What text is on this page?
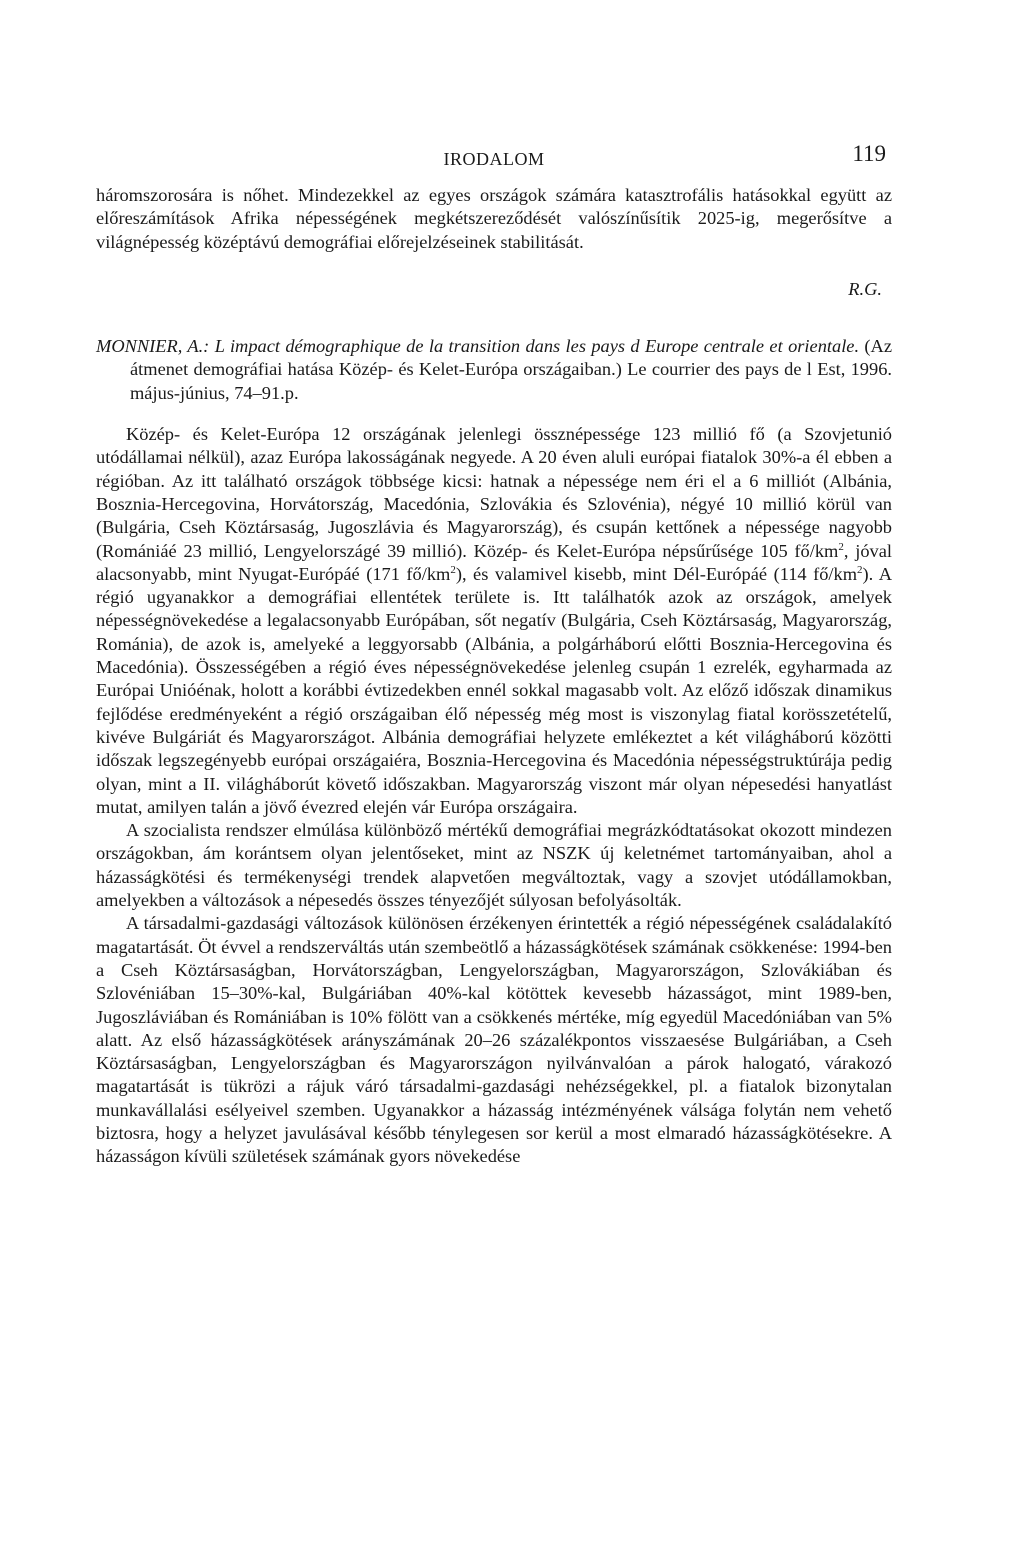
IRODALOM	119

háromszorosára is nőhet. Mindezekkel az egyes országok számára katasztrofális hatásokkal együtt az előreszámítások Afrika népességének megkétszereződését valószínűsítik 2025-ig, megerősítve a világnépesség középtávú demográfiai előrejelzéseinek stabilitását.

R.G.

MONNIER, A.: L impact démographique de la transition dans les pays d Europe centrale et orientale. (Az átmenet demográfiai hatása Közép- és Kelet-Európa országaiban.) Le courrier des pays de l Est, 1996. május-június, 74–91.p.

Közép- és Kelet-Európa 12 országának jelenlegi össznépessége 123 millió fő (a Szovjetunió utódállamai nélkül), azaz Európa lakosságának negyede. A 20 éven aluli európai fiatalok 30%-a él ebben a régióban. Az itt található országok többsége kicsi: hatnak a népessége nem éri el a 6 milliót (Albánia, Bosznia-Hercegovina, Horvátország, Macedónia, Szlovákia és Szlovénia), négyé 10 millió körül van (Bulgária, Cseh Köztársaság, Jugoszlávia és Magyarország), és csupán kettőnek a népessége nagyobb (Romániáé 23 millió, Lengyelországé 39 millió). Közép- és Kelet-Európa népsűrűsége 105 $fő/km^2$, jóval alacsonyabb, mint Nyugat-Európáé (171 $fő/km^2$), és valamivel kisebb, mint Dél-Európáé (114 $fő/km^2$). A régió ugyanakkor a demográfiai ellentétek területe is. Itt találhatók azok az országok, amelyek népességnövekedése a legalacsonyabb Európában, sőt negatív (Bulgária, Cseh Köztársaság, Magyarország, Románia), de azok is, amelyeké a leggyorsabb (Albánia, a polgárháború előtti Bosznia-Hercegovina és Macedónia). Összességében a régió éves népességnövekedése jelenleg csupán 1 ezrelék, egyharmada az Európai Unióénak, holott a korábbi évtizedekben ennél sokkal magasabb volt. Az előző időszak dinamikus fejlődése eredményeként a régió országaiban élő népesség még most is viszonylag fiatal korösszetételű, kivéve Bulgáriát és Magyarországot. Albánia demográfiai helyzete emlékeztet a két világháború közötti időszak legszegényebb európai országaiéra, Bosznia-Hercegovina és Macedónia népességstruktúrája pedig olyan, mint a II. világháborút követő időszakban. Magyarország viszont már olyan népesedési hanyatlást mutat, amilyen talán a jövő évezred elején vár Európa országaira.

A szocialista rendszer elmúlása különböző mértékű demográfiai megrázkódtatásokat okozott mindezen országokban, ám korántsem olyan jelentőseket, mint az NSZK új keletnémet tartományaiban, ahol a házasságkötési és termékenységi trendek alapvetően megváltoztak, vagy a szovjet utódállamokban, amelyekben a változások a népesedés összes tényezőjét súlyosan befolyásolták.

A társadalmi-gazdasági változások különösen érzékenyen érintették a régió népességének családalakító magatartását. Öt évvel a rendszerváltás után szembeötlő a házasságkötések számának csökkenése: 1994-ben a Cseh Köztársaságban, Horvátországban, Lengyelországban, Magyarországon, Szlovákiában és Szlovéniában 15–30%-kal, Bulgáriában 40%-kal kötöttek kevesebb házasságot, mint 1989-ben, Jugoszláviában és Romániában is 10% fölött van a csökkenés mértéke, míg egyedül Macedóniában van 5% alatt. Az első házasságkötések arányszámának 20–26 százalékpontos visszaesése Bulgáriában, a Cseh Köztársaságban, Lengyelországban és Magyarországon nyilvánvalóan a párok halogató, várakozó magatartását is tükrözi a rájuk váró társadalmi-gazdasági nehézségekkel, pl. a fiatalok bizonytalan munkavállalási esélyeivel szemben. Ugyanakkor a házasság intézményének válsága folytán nem vehető biztosra, hogy a helyzet javulásával később ténylegesen sor kerül a most elmaradó házasságkötésekre. A házasságon kívüli születések számának gyors növekedése
